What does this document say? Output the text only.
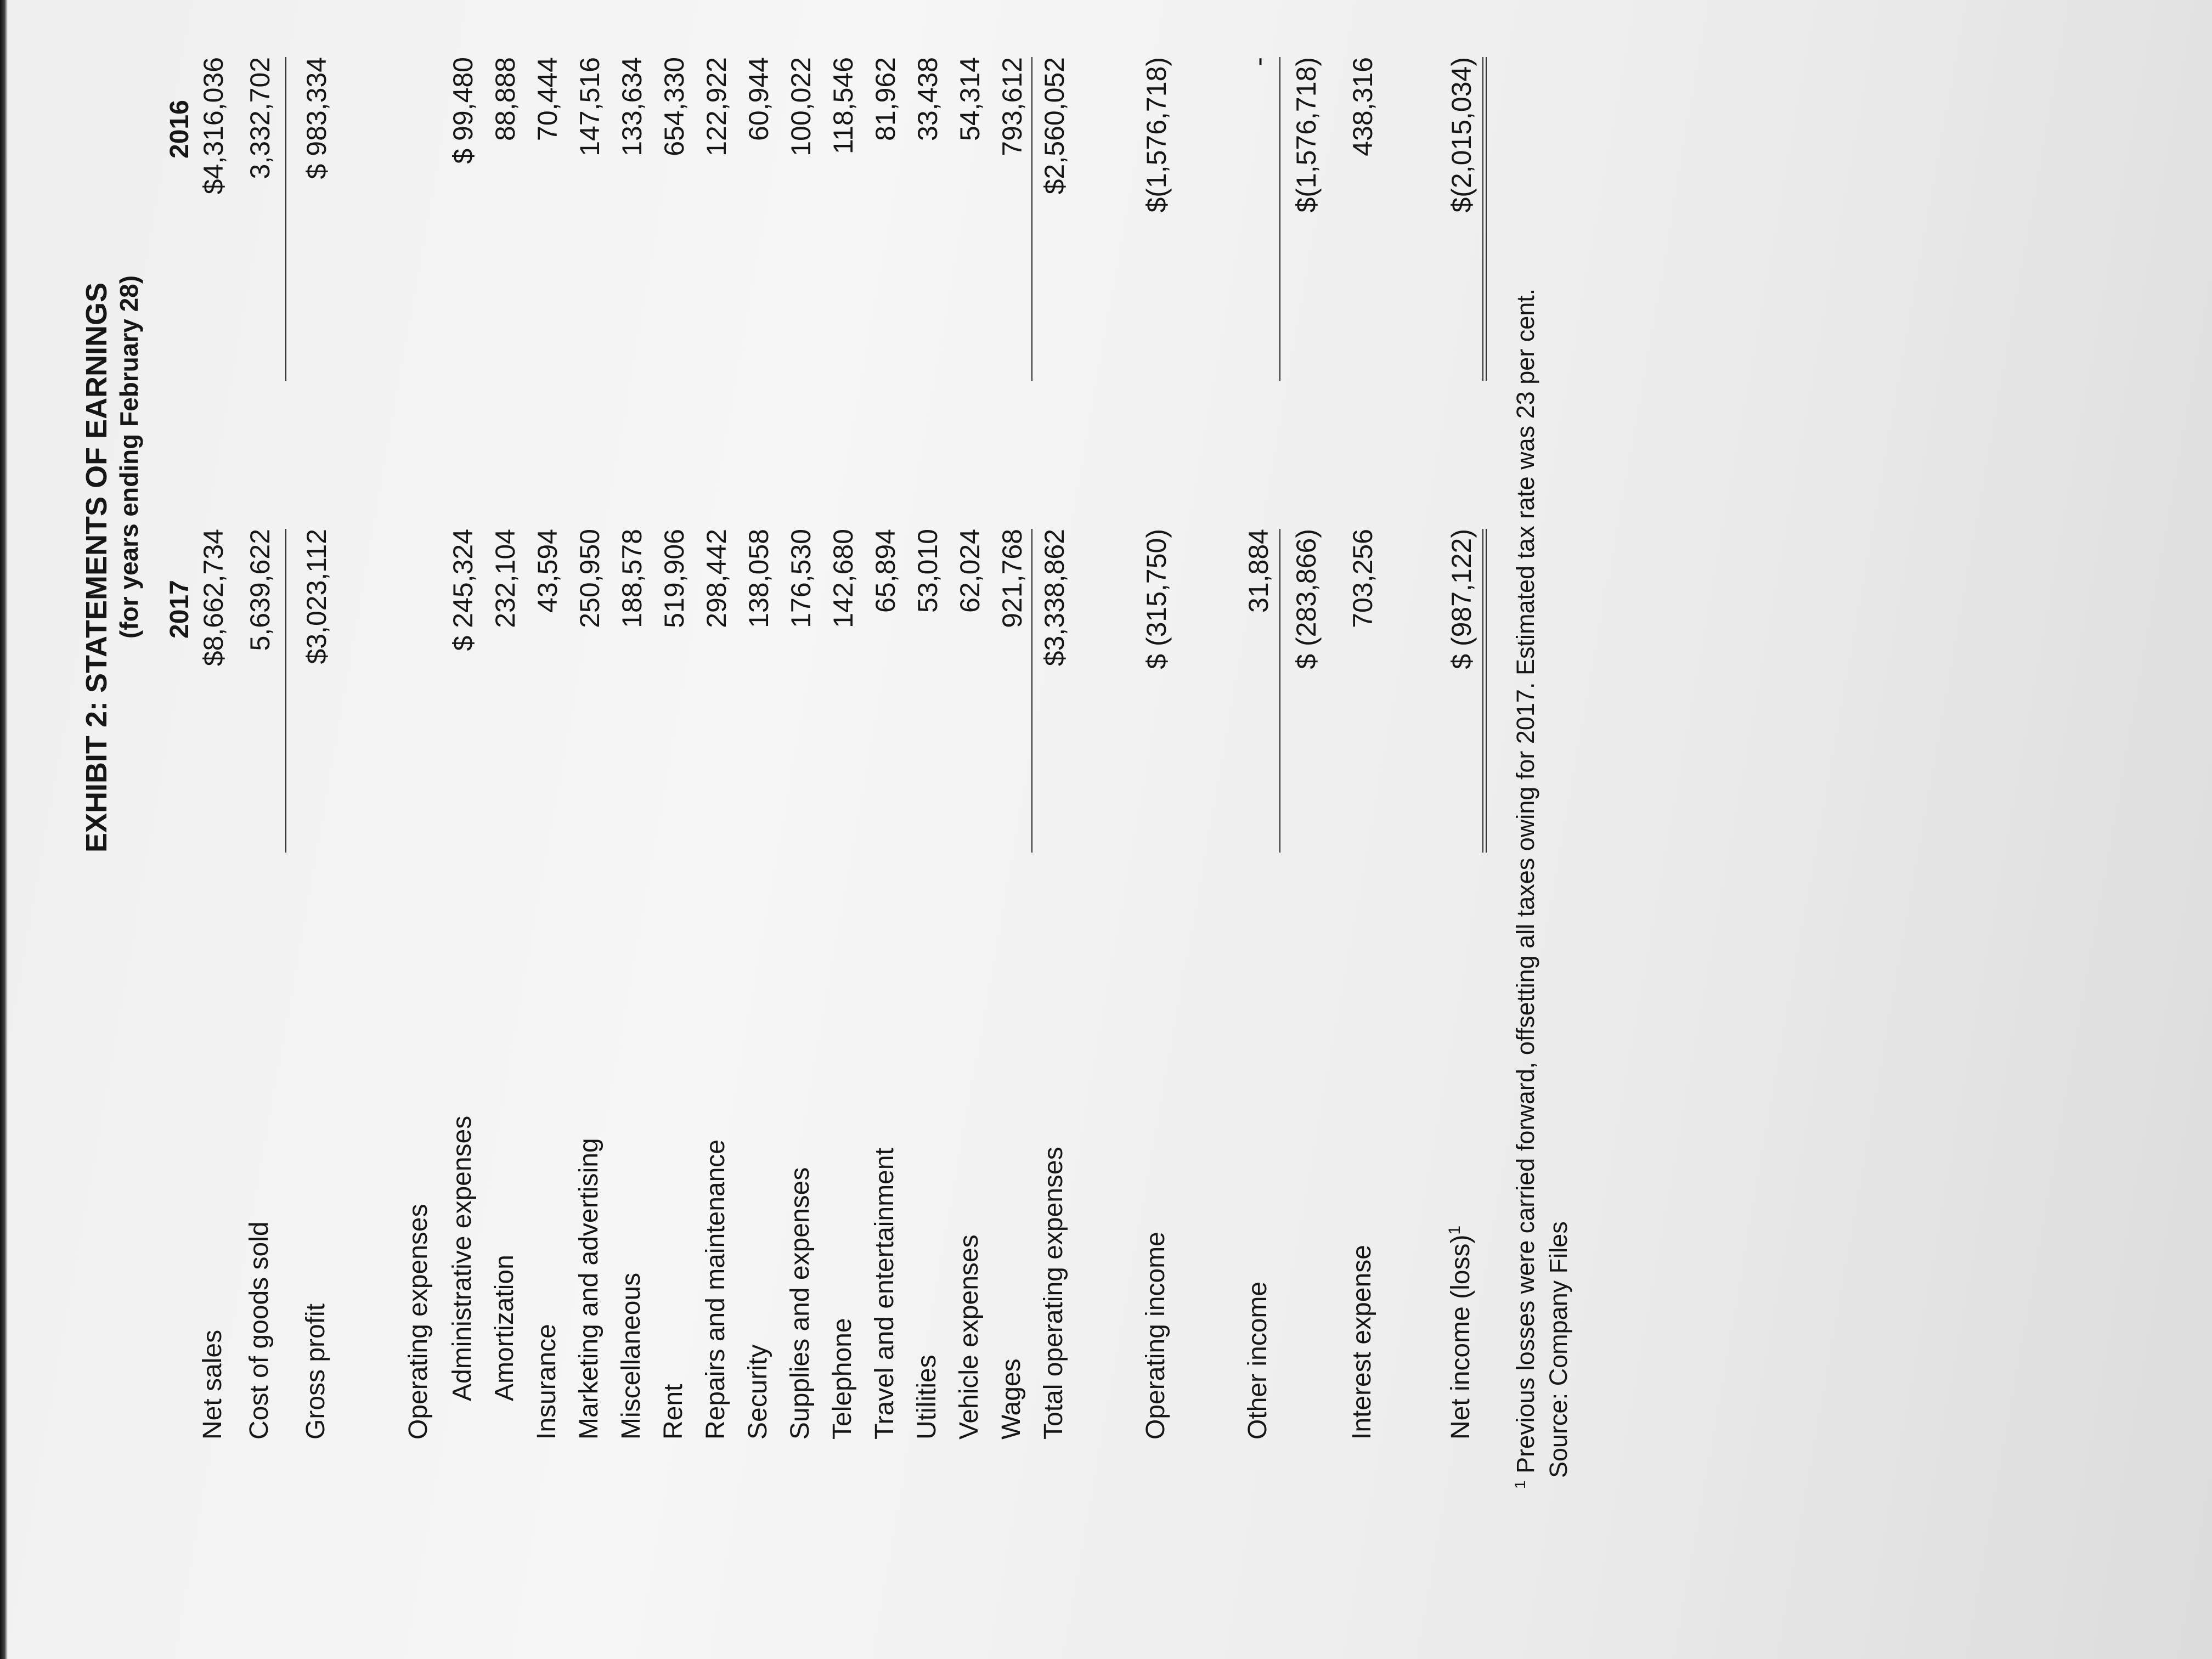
EXHIBIT 2: STATEMENTS OF EARNINGS (for years ending February 28) 2017
2016
Net sales
$8,662,734
$4,316,036
Cost of goods sold
5,639,622
3,332,702
Gross profit
$3,023,112
$ 983,334
Operating expenses Administrative expenses
$ 245,324
$ 99,480
Amortization
232,104
88,888
Insurance
43,594
70,444
Marketing and advertising
250,950
147,516
Miscellaneous
188,578
133,634
Rent
519,906
654,330
Repairs and maintenance
298,442
122,922
Security
138,058
60,944
Supplies and expenses
176,530
100,022
Telephone
142,680
118,546
Travel and entertainment
65,894
81,962
Utilities
53,010
33,438
Vehicle expenses
62,024
54,314
Wages
921,768
793,612
Total operating expenses
$3,338,862
$2,560,052
Operating income
$ (315,750)
$(1,576,718)
Other income
31,884
-
$ (283,866)
$(1,576,718)
Interest expense
703,256
438,316
Net income (loss)$^1$
$ (987,122)
$(2,015,034)
$^1$ Previous losses were carried forward, offsetting all taxes owing for 2017. Estimated tax rate was 23 per cent. Source: Company Files
